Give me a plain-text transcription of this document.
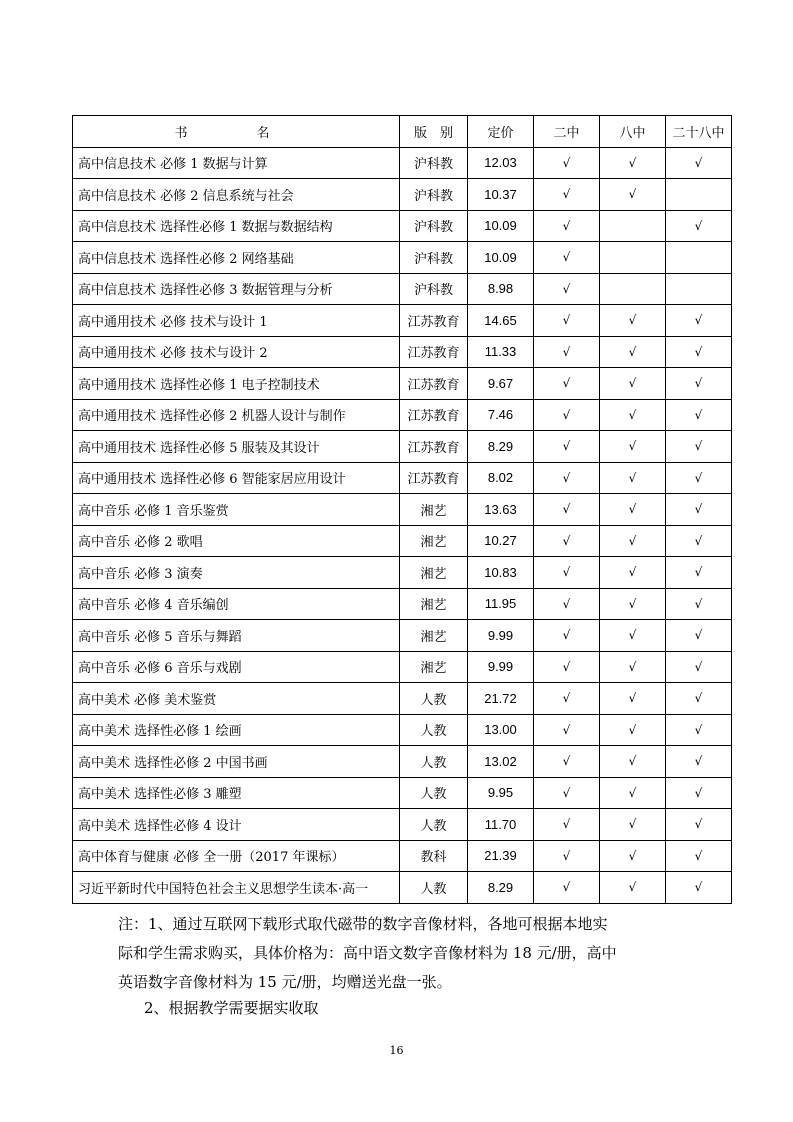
书　名	版　别	定价	二中	八中	二十八中
高中信息技术 必修 1 数据与计算	沪科教	12.03	√	√	√
高中信息技术 必修 2 信息系统与社会	沪科教	10.37	√	√	
高中信息技术 选择性必修 1 数据与数据结构	沪科教	10.09	√		√
高中信息技术 选择性必修 2 网络基础	沪科教	10.09	√		
高中信息技术 选择性必修 3 数据管理与分析	沪科教	8.98	√		
高中通用技术 必修 技术与设计 1	江苏教育	14.65	√	√	√
高中通用技术 必修 技术与设计 2	江苏教育	11.33	√	√	√
高中通用技术 选择性必修 1 电子控制技术	江苏教育	9.67	√	√	√
高中通用技术 选择性必修 2 机器人设计与制作	江苏教育	7.46	√	√	√
高中通用技术 选择性必修 5 服装及其设计	江苏教育	8.29	√	√	√
高中通用技术 选择性必修 6 智能家居应用设计	江苏教育	8.02	√	√	√
高中音乐 必修 1 音乐鉴赏	湘艺	13.63	√	√	√
高中音乐 必修 2 歌唱	湘艺	10.27	√	√	√
高中音乐 必修 3 演奏	湘艺	10.83	√	√	√
高中音乐 必修 4 音乐编创	湘艺	11.95	√	√	√
高中音乐 必修 5 音乐与舞蹈	湘艺	9.99	√	√	√
高中音乐 必修 6 音乐与戏剧	湘艺	9.99	√	√	√
高中美术 必修 美术鉴赏	人教	21.72	√	√	√
高中美术 选择性必修 1 绘画	人教	13.00	√	√	√
高中美术 选择性必修 2 中国书画	人教	13.02	√	√	√
高中美术 选择性必修 3 雕塑	人教	9.95	√	√	√
高中美术 选择性必修 4 设计	人教	11.70	√	√	√
高中体育与健康 必修 全一册（2017 年课标）	教科	21.39	√	√	√
习近平新时代中国特色社会主义思想学生读本·高一	人教	8.29	√	√	√

注：1、通过互联网下载形式取代磁带的数字音像材料，各地可根据本地实

际和学生需求购买，具体价格为：高中语文数字音像材料为 18 元/册，高中

英语数字音像材料为 15 元/册，均赠送光盘一张。

2、根据教学需要据实收取
16
